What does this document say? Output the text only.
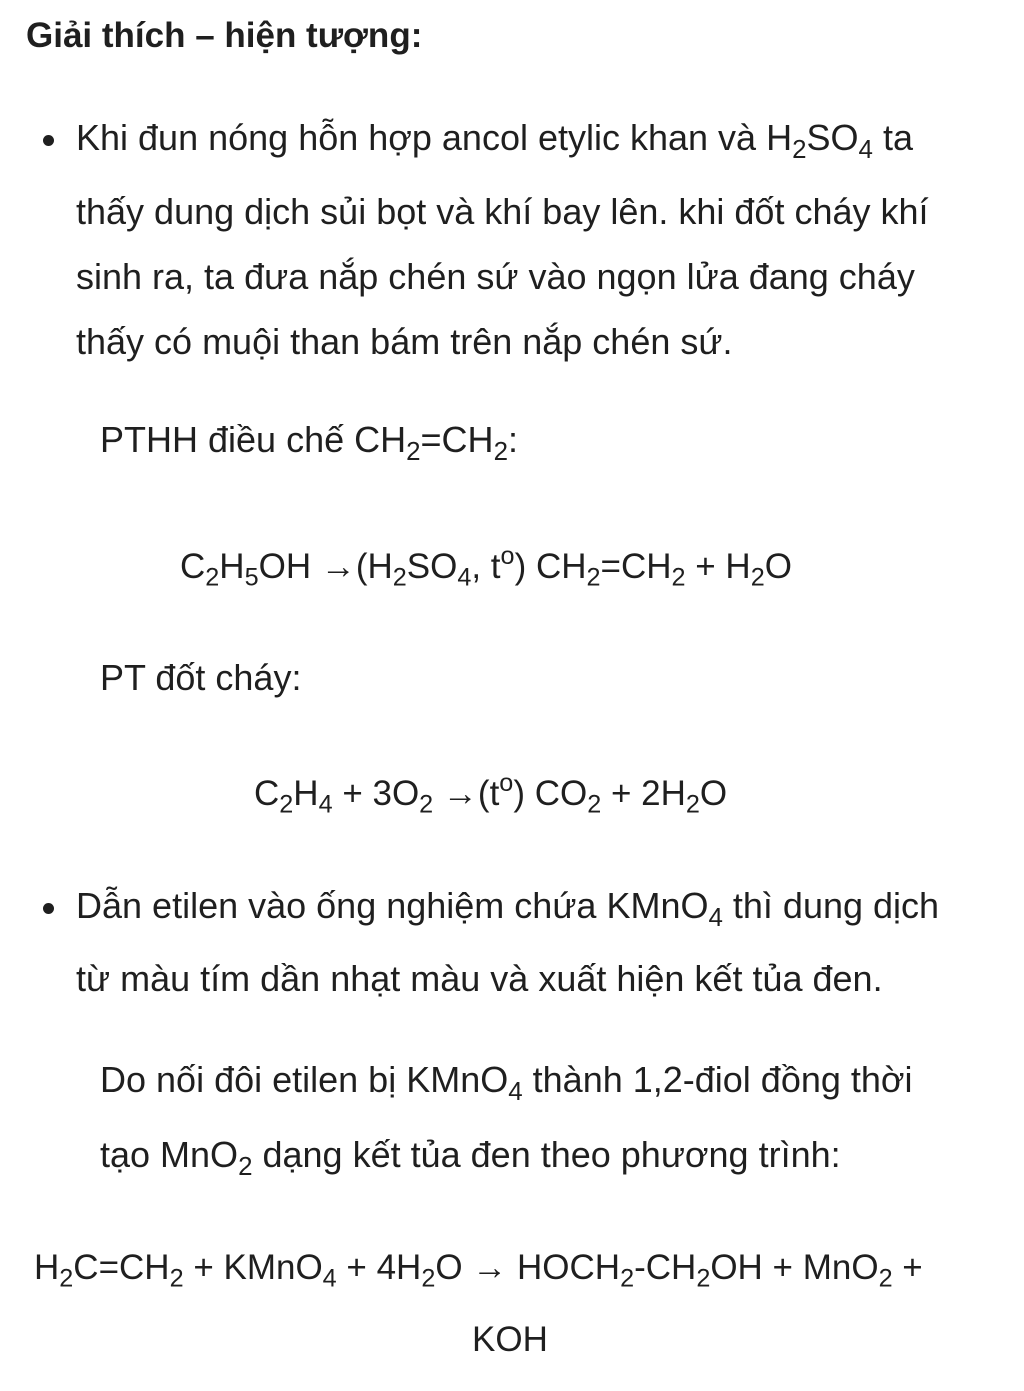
Giải thích – hiện tượng:
Khi đun nóng hỗn hợp ancol etylic khan và $H_2SO_4$ ta
thấy dung dịch sủi bọt và khí bay lên. khi đốt cháy khí
sinh ra, ta đưa nắp chén sứ vào ngọn lửa đang cháy
thấy có muội than bám trên nắp chén sứ.
PTHH điều chế $CH_2=CH_2$:
$C_2H_5OH \to(H_2SO_4$, $t^o$) $CH_2=CH_2 + H_2O$
PT đốt cháy:
$C_2H_4 + 3O_2 \to(t^o) CO_2 + 2H_2O$
Dẫn etilen vào ống nghiệm chứa KMnO$_4$ thì dung dịch
từ màu tím dần nhạt màu và xuất hiện kết tủa đen.
Do nối đôi etilen bị KMnO$_4$ thành 1,2-điol đồng thời
tạo MnO$_2$ dạng kết tủa đen theo phương trình:
$H_2C=CH_2$ + KMnO$_4$ + $4H_2O$ → $HOCH_2-CH_2OH + MnO_2$ +
KOH
